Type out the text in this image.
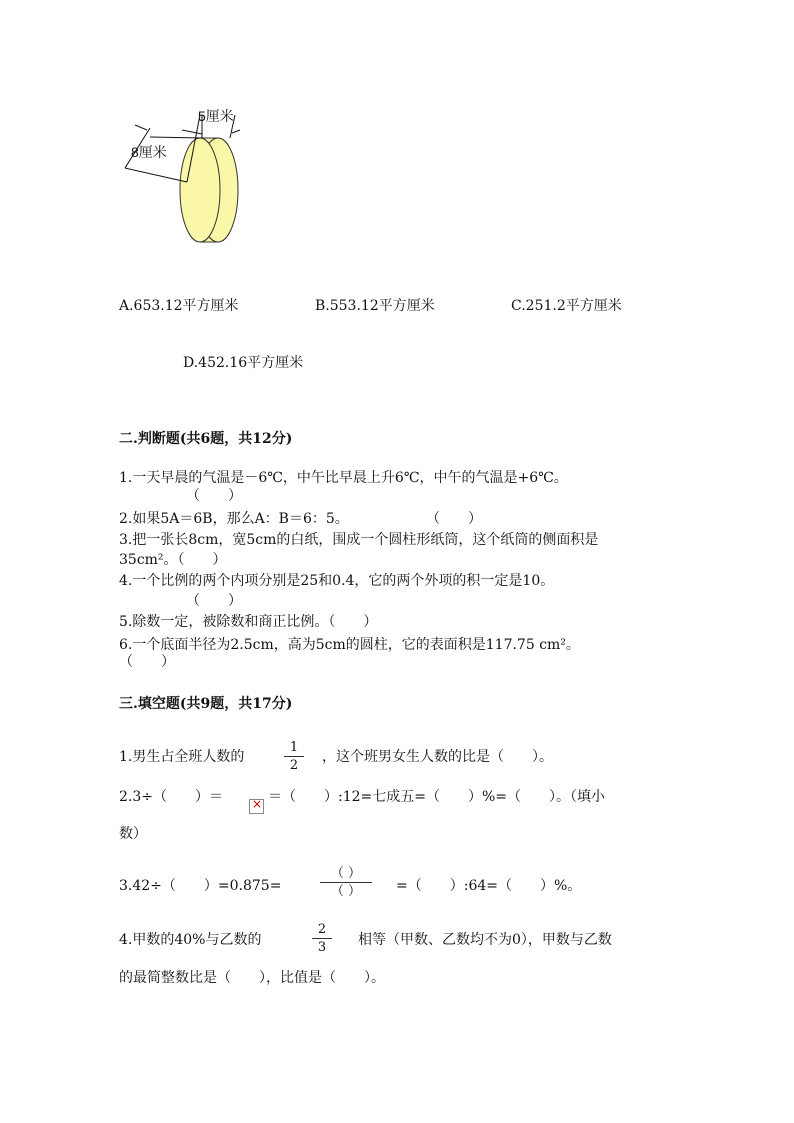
5厘米
8厘米
A.653.12平方厘米	B.553.12平方厘米	C.251.2平方厘米
D.452.16平方厘米
二.判断题(共6题，共12分)
1.一天早晨的气温是－6℃，中午比早晨上升6℃，中午的气温是+6℃。
（　　）
2.如果5A＝6B，那么A：B＝6：5。	（　　）
3.把一张长8cm，宽5cm的白纸，围成一个圆柱形纸筒，这个纸筒的侧面积是
35cm²。（　　）
4.一个比例的两个内项分别是25和0.4，它的两个外项的积一定是10。
（　　）
5.除数一定，被除数和商正比例。（　　）
6.一个底面半径为2.5cm，高为5cm的圆柱，它的表面积是117.75 cm²。
（　　）
三.填空题(共9题，共17分)
1.男生占全班人数的
1
2
，这个班男女生人数的比是（　　）。
2.3÷（　　）＝
×	＝（　　）:12=七成五=（　　）%=（　　）。（填小
数）
3.42÷（　　）=0.875=
（ ）
（ ）	=（　　）:64=（　　）%。
4.甲数的40%与乙数的
2
3	相等（甲数、乙数均不为0），甲数与乙数
的最简整数比是（　　），比值是（　　）。
